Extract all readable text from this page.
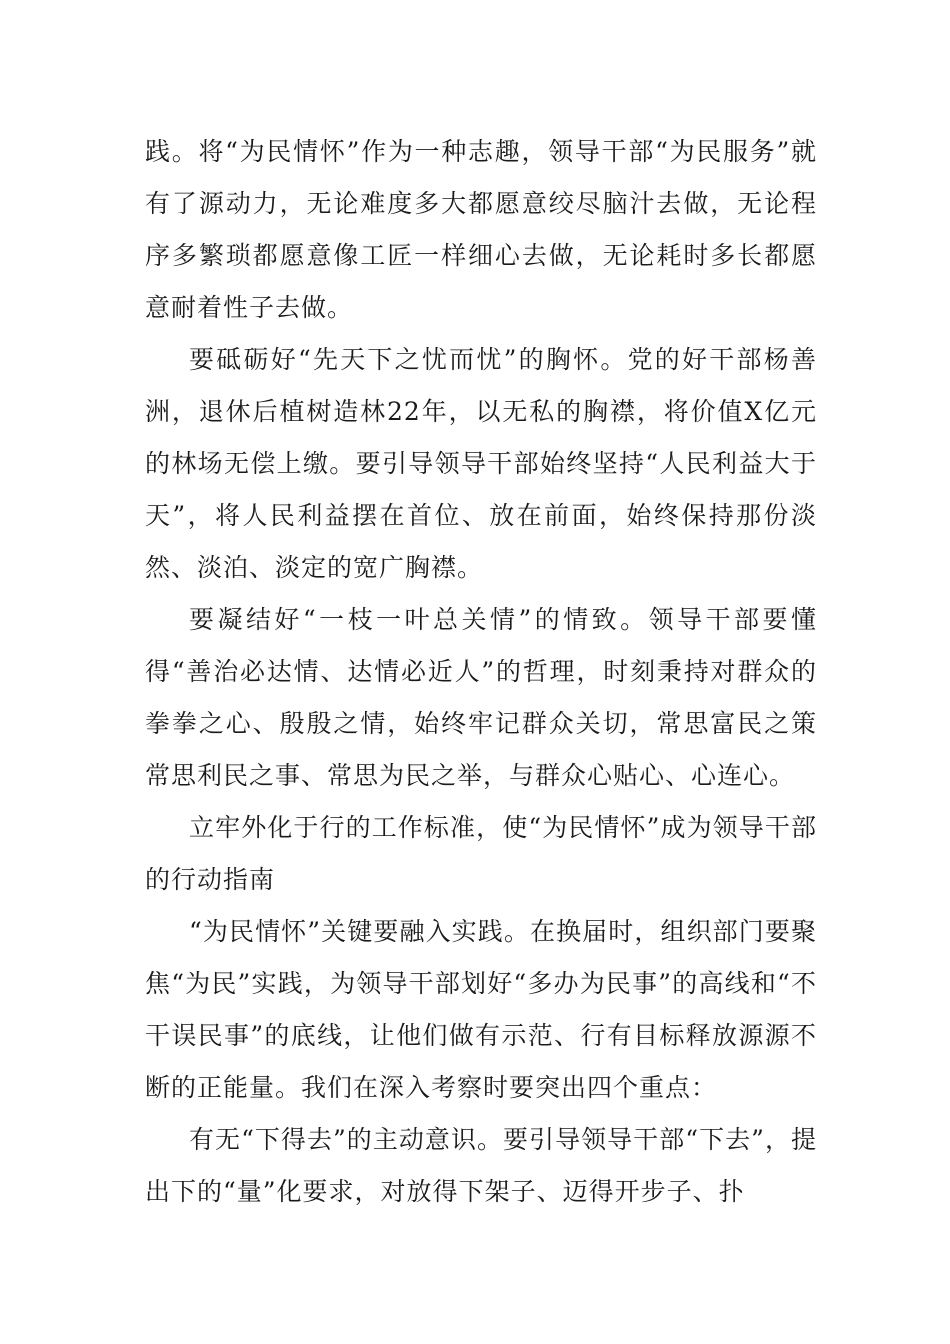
践。将“为民情怀”作为一种志趣，领导干部“为民服务”就有了源动力，无论难度多大都愿意绞尽脑汁去做，无论程序多繁琐都愿意像工匠一样细心去做，无论耗时多长都愿意耐着性子去做。

要砥砺好“先天下之忧而忧”的胸怀。党的好干部杨善洲，退休后植树造林22年，以无私的胸襟，将价值X亿元的林场无偿上缴。要引导领导干部始终坚持“人民利益大于天”，将人民利益摆在首位、放在前面，始终保持那份淡然、淡泊、淡定的宽广胸襟。

要凝结好“一枝一叶总关情”的情致。领导干部要懂得“善治必达情、达情必近人”的哲理，时刻秉持对群众的拳拳之心、殷殷之情，始终牢记群众关切，常思富民之策常思利民之事、常思为民之举，与群众心贴心、心连心。

立牢外化于行的工作标准，使“为民情怀”成为领导干部的行动指南

“为民情怀”关键要融入实践。在换届时，组织部门要聚焦“为民”实践，为领导干部划好“多办为民事”的高线和“不干误民事”的底线，让他们做有示范、行有目标释放源源不断的正能量。我们在深入考察时要突出四个重点：

有无“下得去”的主动意识。要引导领导干部“下去”，提出下的“量”化要求，对放得下架子、迈得开步子、扑
